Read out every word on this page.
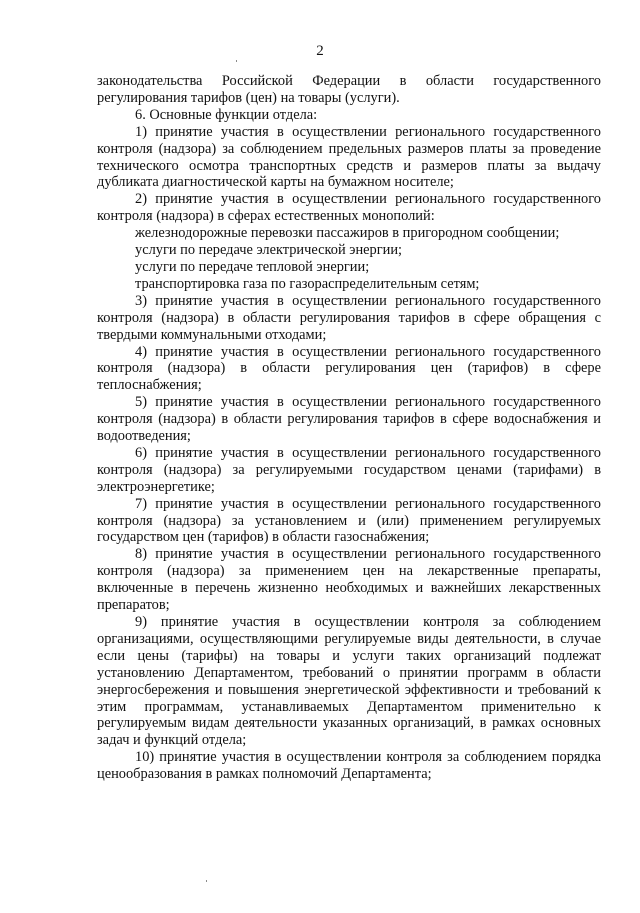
2

законодательства Российской Федерации в области государственного регулирования тарифов (цен) на товары (услуги).

6. Основные функции отдела:

1) принятие участия в осуществлении регионального государственного контроля (надзора) за соблюдением предельных размеров платы за проведение технического осмотра транспортных средств и размеров платы за выдачу дубликата диагностической карты на бумажном носителе;

2) принятие участия в осуществлении регионального государственного контроля (надзора) в сферах естественных монополий:

железнодорожные перевозки пассажиров в пригородном сообщении;

услуги по передаче электрической энергии;

услуги по передаче тепловой энергии;

транспортировка газа по газораспределительным сетям;

3) принятие участия в осуществлении регионального государственного контроля (надзора) в области регулирования тарифов в сфере обращения с твердыми коммунальными отходами;

4) принятие участия в осуществлении регионального государственного контроля (надзора) в области регулирования цен (тарифов) в сфере теплоснабжения;

5) принятие участия в осуществлении регионального государственного контроля (надзора) в области регулирования тарифов в сфере водоснабжения и водоотведения;

6) принятие участия в осуществлении регионального государственного контроля (надзора) за регулируемыми государством ценами (тарифами) в электроэнергетике;

7) принятие участия в осуществлении регионального государственного контроля (надзора) за установлением и (или) применением регулируемых государством цен (тарифов) в области газоснабжения;

8) принятие участия в осуществлении регионального государственного контроля (надзора) за применением цен на лекарственные препараты, включенные в перечень жизненно необходимых и важнейших лекарственных препаратов;

9) принятие участия в осуществлении контроля за соблюдением организациями, осуществляющими регулируемые виды деятельности, в случае если цены (тарифы) на товары и услуги таких организаций подлежат установлению Департаментом, требований о принятии программ в области энергосбережения и повышения энергетической эффективности и требований к этим программам, устанавливаемых Департаментом применительно к регулируемым видам деятельности указанных организаций, в рамках основных задач и функций отдела;

10) принятие участия в осуществлении контроля за соблюдением порядка ценообразования в рамках полномочий Департамента;
